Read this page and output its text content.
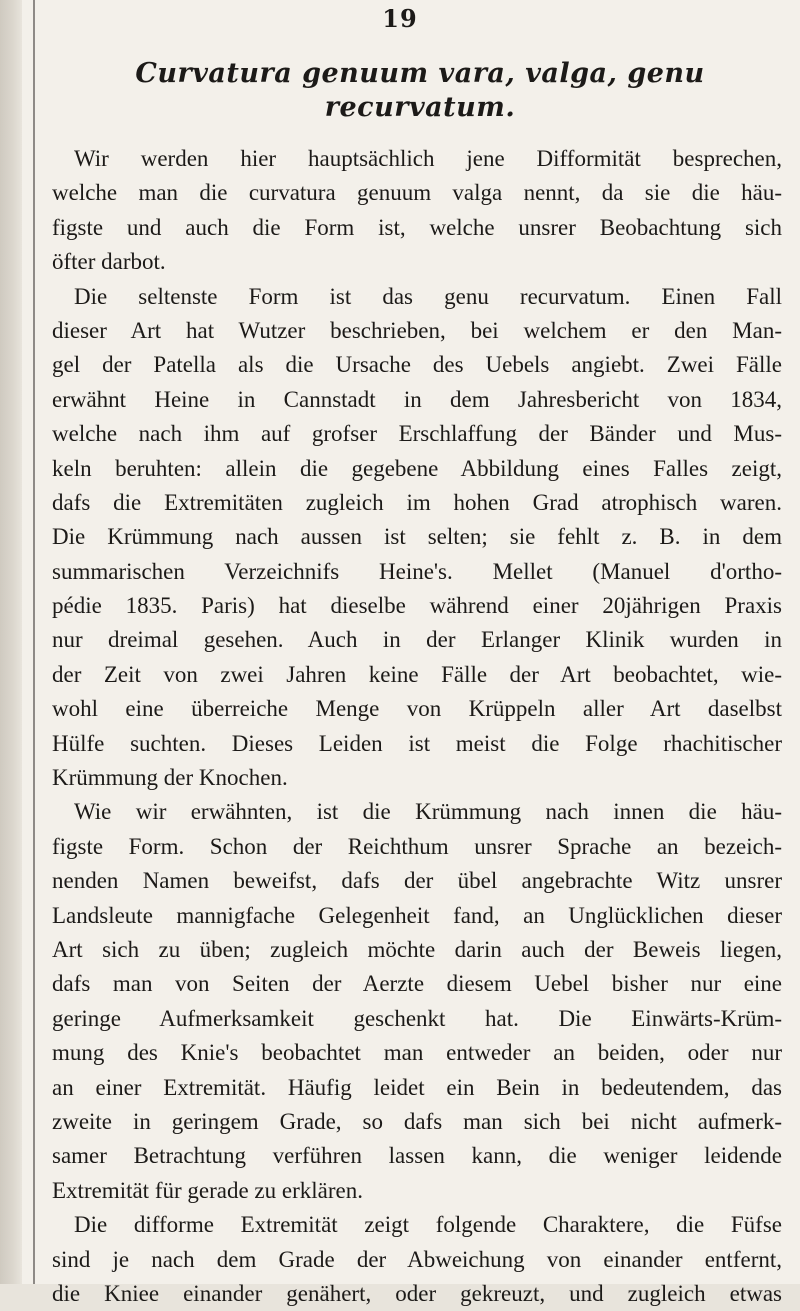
19
Curvatura genuum vara, valga, genu
recurvatum.
Wir werden hier hauptsächlich jene Difformität besprechen,
welche man die curvatura genuum valga nennt, da sie die häu-
figste und auch die Form ist, welche unsrer Beobachtung sich
öfter darbot.
Die seltenste Form ist das genu recurvatum. Einen Fall
dieser Art hat Wutzer beschrieben, bei welchem er den Man-
gel der Patella als die Ursache des Uebels angiebt. Zwei Fälle
erwähnt Heine in Cannstadt in dem Jahresbericht von 1834,
welche nach ihm auf grofser Erschlaffung der Bänder und Mus-
keln beruhten: allein die gegebene Abbildung eines Falles zeigt,
dafs die Extremitäten zugleich im hohen Grad atrophisch waren.
Die Krümmung nach aussen ist selten; sie fehlt z. B. in dem
summarischen Verzeichnifs Heine's. Mellet (Manuel d'ortho-
pédie 1835. Paris) hat dieselbe während einer 20jährigen Praxis
nur dreimal gesehen. Auch in der Erlanger Klinik wurden in
der Zeit von zwei Jahren keine Fälle der Art beobachtet, wie-
wohl eine überreiche Menge von Krüppeln aller Art daselbst
Hülfe suchten. Dieses Leiden ist meist die Folge rhachitischer
Krümmung der Knochen.
Wie wir erwähnten, ist die Krümmung nach innen die häu-
figste Form. Schon der Reichthum unsrer Sprache an bezeich-
nenden Namen beweifst, dafs der übel angebrachte Witz unsrer
Landsleute mannigfache Gelegenheit fand, an Unglücklichen dieser
Art sich zu üben; zugleich möchte darin auch der Beweis liegen,
dafs man von Seiten der Aerzte diesem Uebel bisher nur eine
geringe Aufmerksamkeit geschenkt hat. Die Einwärts-Krüm-
mung des Knie's beobachtet man entweder an beiden, oder nur
an einer Extremität. Häufig leidet ein Bein in bedeutendem, das
zweite in geringem Grade, so dafs man sich bei nicht aufmerk-
samer Betrachtung verführen lassen kann, die weniger leidende
Extremität für gerade zu erklären.
Die difforme Extremität zeigt folgende Charaktere, die Füfse
sind je nach dem Grade der Abweichung von einander entfernt,
die Kniee einander genähert, oder gekreuzt, und zugleich etwas
